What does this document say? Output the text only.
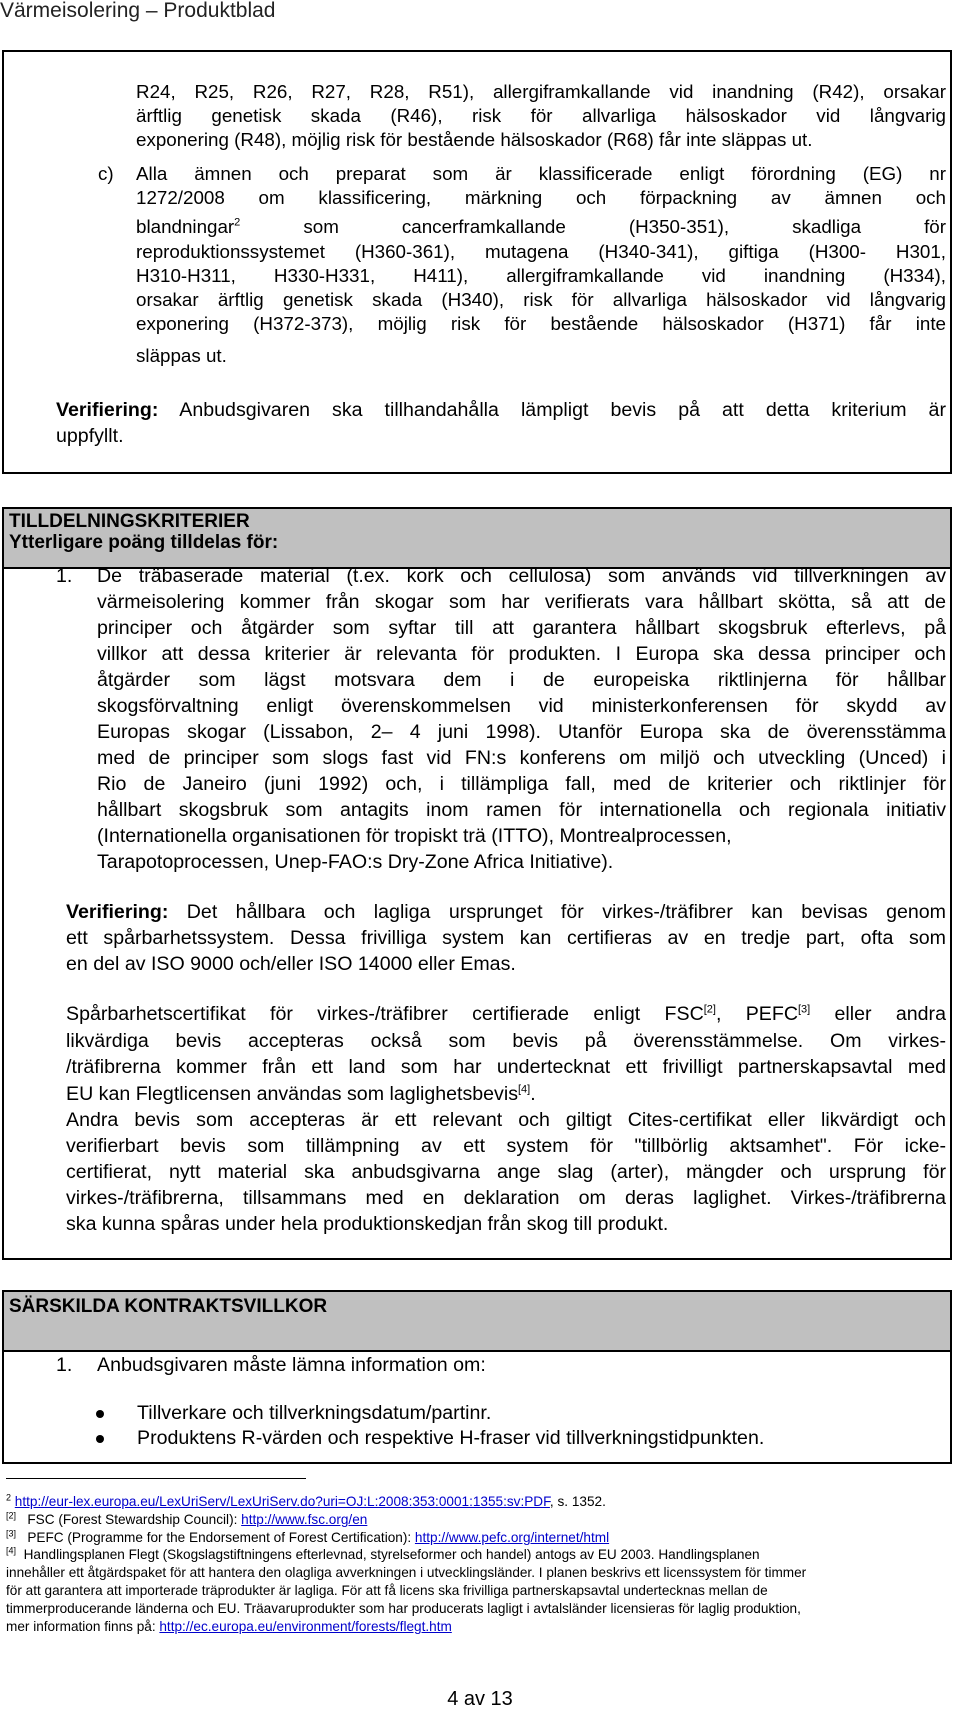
Värmeisolering – Produktblad
R24, R25, R26, R27, R28, R51), allergiframkallande vid inandning (R42), orsakar
ärftlig genetisk skada (R46), risk för allvarliga hälsoskador vid långvarig
exponering (R48), möjlig risk för bestående hälsoskador (R68) får inte släppas ut.
c) Alla ämnen och preparat som är klassificerade enligt förordning (EG) nr
1272/2008 om klassificering, märkning och förpackning av ämnen och
blandningar$^2$	som cancerframkallande (H350-351), skadliga för
reproduktionssystemet (H360-361), mutagena (H340-341), giftiga (H300- H301,
H310-H311, H330-H331, H411), allergiframkallande vid inandning (H334),
orsakar ärftlig genetisk skada (H340), risk för allvarliga hälsoskador vid långvarig
exponering (H372-373), möjlig risk för bestående hälsoskador (H371) får inte
släppas ut.
Verifiering: Anbudsgivaren ska tillhandahålla lämpligt bevis på att detta kriterium är
uppfyllt.
TILLDELNINGSKRITERIER
Ytterligare poäng tilldelas för:
1. De träbaserade material (t.ex. kork och cellulosa) som används vid tillverkningen av
värmeisolering kommer från skogar som har verifierats vara hållbart skötta, så att de
principer och åtgärder som syftar till att garantera hållbart skogsbruk efterlevs, på
villkor att dessa kriterier är relevanta för produkten. I Europa ska dessa principer och
åtgärder som lägst motsvara dem i de europeiska riktlinjerna för hållbar
skogsförvaltning enligt överenskommelsen vid ministerkonferensen för skydd av
Europas skogar (Lissabon, 2– 4 juni 1998). Utanför Europa ska de överensstämma
med de principer som slogs fast vid FN:s konferens om miljö och utveckling (Unced) i
Rio de Janeiro (juni 1992) och, i tillämpliga fall, med de kriterier och riktlinjer för
hållbart skogsbruk som antagits inom ramen för internationella och regionala initiativ
(Internationella organisationen för tropiskt trä (ITTO), Montrealprocessen,
Tarapotoprocessen, Unep-FAO:s Dry-Zone Africa Initiative).
Verifiering: Det hållbara och lagliga ursprunget för virkes-/träfibrer kan bevisas genom
ett spårbarhetssystem. Dessa frivilliga system kan certifieras av en tredje part, ofta som
en del av ISO 9000 och/eller ISO 14000 eller Emas.
Spårbarhetscertifikat för virkes-/träfibrer certifierade enligt FSC[2], PEFC[3] eller andra
likvärdiga bevis accepteras också som bevis på överensstämmelse. Om virkes-
/träfibrerna kommer från ett land som har undertecknat ett frivilligt partnerskapsavtal med
EU kan Flegtlicensen användas som laglighetsbevis[4].
Andra bevis som accepteras är ett relevant och giltigt Cites-certifikat eller likvärdigt och
verifierbart bevis som tillämpning av ett system för "tillbörlig aktsamhet". För icke-
certifierat, nytt material ska anbudsgivarna ange slag (arter), mängder och ursprung för
virkes-/träfibrerna, tillsammans med en deklaration om deras laglighet. Virkes-/träfibrerna
ska kunna spåras under hela produktionskedjan från skog till produkt.
SÄRSKILDA KONTRAKTSVILLKOR
1. Anbudsgivaren måste lämna information om:
Tillverkare och tillverkningsdatum/partinr.
Produktens R-värden och respektive H-fraser vid tillverkningstidpunkten.
$^2$ http://eur-lex.europa.eu/LexUriServ/LexUriServ.do?uri=OJ:L:2008:353:0001:1355:sv:PDF, s. 1352.
[2] FSC (Forest Stewardship Council): http://www.fsc.org/en
[3] PEFC (Programme for the Endorsement of Forest Certification): http://www.pefc.org/internet/html
[4] Handlingsplanen Flegt (Skogslagstiftningens efterlevnad, styrelseformer och handel) antogs av EU 2003. Handlingsplanen
innehåller ett åtgärdspaket för att hantera den olagliga avverkningen i utvecklingsländer. I planen beskrivs ett licenssystem för timmer
för att garantera att importerade träprodukter är lagliga. För att få licens ska frivilliga partnerskapsavtal undertecknas mellan de
timmerproducerande länderna och EU. Träavaruprodukter som har producerats lagligt i avtalsländer licensieras för laglig produktion,
mer information finns på: http://ec.europa.eu/environment/forests/flegt.htm
4 av 13
